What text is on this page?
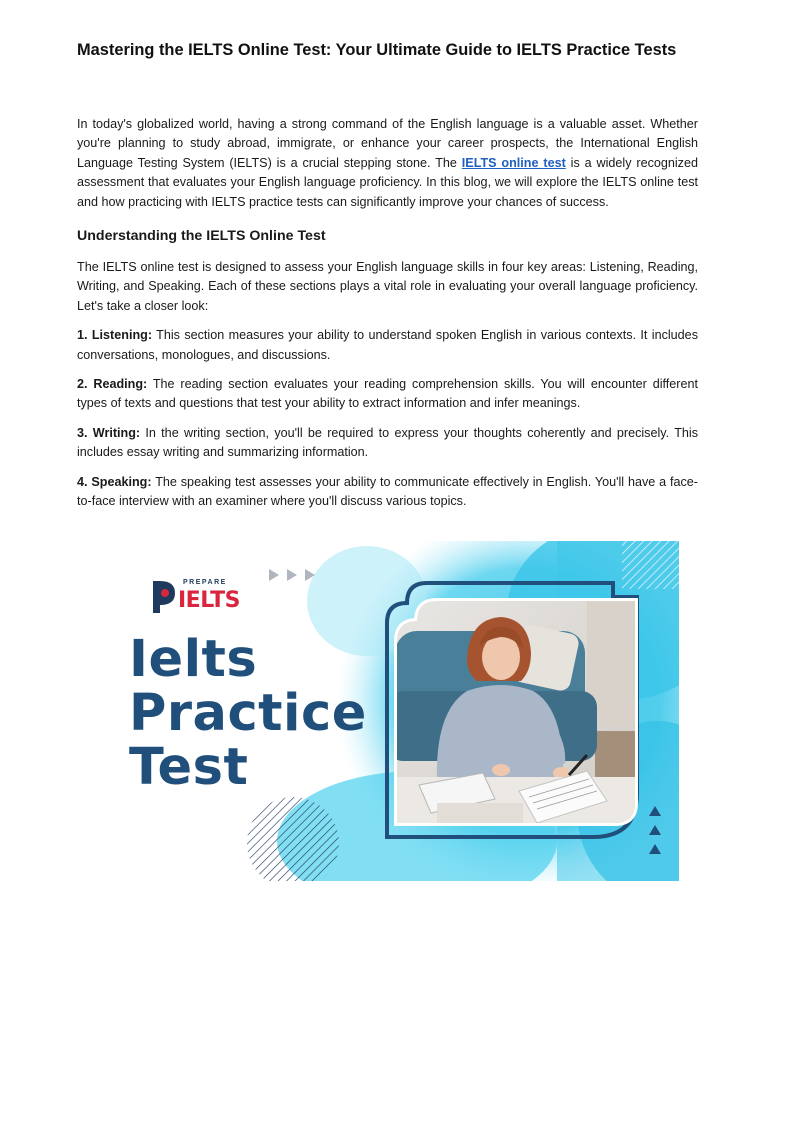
Mastering the IELTS Online Test: Your Ultimate Guide to IELTS Practice Tests

In today's globalized world, having a strong command of the English language is a valuable asset. Whether you're planning to study abroad, immigrate, or enhance your career prospects, the International English Language Testing System (IELTS) is a crucial stepping stone. The IELTS online test is a widely recognized assessment that evaluates your English language proficiency. In this blog, we will explore the IELTS online test and how practicing with IELTS practice tests can significantly improve your chances of success.

Understanding the IELTS Online Test

The IELTS online test is designed to assess your English language skills in four key areas: Listening, Reading, Writing, and Speaking. Each of these sections plays a vital role in evaluating your overall language proficiency. Let's take a closer look:

1. Listening: This section measures your ability to understand spoken English in various contexts. It includes conversations, monologues, and discussions.

2. Reading: The reading section evaluates your reading comprehension skills. You will encounter different types of texts and questions that test your ability to extract information and infer meanings.

3. Writing: In the writing section, you'll be required to express your thoughts coherently and precisely. This includes essay writing and summarizing information.

4. Speaking: The speaking test assesses your ability to communicate effectively in English. You'll have a face-to-face interview with an examiner where you'll discuss various topics.

PREPARE
IELTS
Ielts
Practice
Test
